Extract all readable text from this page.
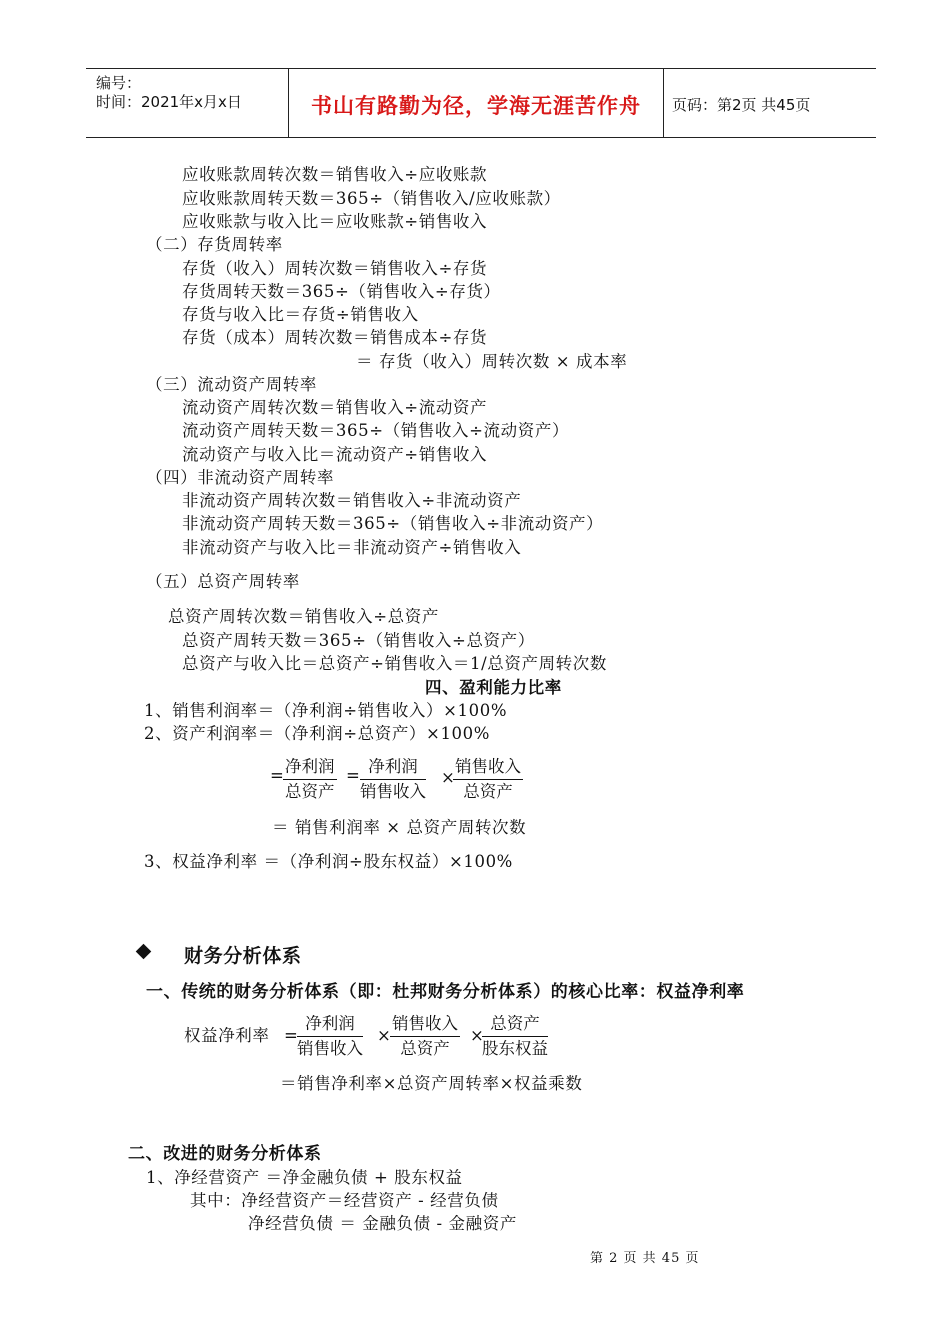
编号：
时间：2021年x月x日	书山有路勤为径，学海无涯苦作舟	页码：第2页 共45页
应收账款周转次数＝销售收入÷应收账款
应收账款周转天数＝365÷（销售收入/应收账款）
应收账款与收入比＝应收账款÷销售收入
（二）存货周转率
存货（收入）周转次数＝销售收入÷存货
存货周转天数＝365÷（销售收入÷存货）
存货与收入比＝存货÷销售收入
存货（成本）周转次数＝销售成本÷存货
＝ 存货（收入）周转次数 × 成本率
（三）流动资产周转率
流动资产周转次数＝销售收入÷流动资产
流动资产周转天数＝365÷（销售收入÷流动资产）
流动资产与收入比＝流动资产÷销售收入
（四）非流动资产周转率
非流动资产周转次数＝销售收入÷非流动资产
非流动资产周转天数＝365÷（销售收入÷非流动资产）
非流动资产与收入比＝非流动资产÷销售收入
（五）总资产周转率
总资产周转次数＝销售收入÷总资产
总资产周转天数＝365÷（销售收入÷总资产）
总资产与收入比＝总资产÷销售收入＝1/总资产周转次数
四、盈利能力比率
1、销售利润率＝（净利润÷销售收入）×100%
2、资产利润率＝（净利润÷总资产）×100%
= 净利润
总资产
= 净利润
销售收入
×
销售收入
总资产
＝ 销售利润率 × 总资产周转次数
3、权益净利率 ＝（净利润÷股东权益）×100%
财务分析体系
一、传统的财务分析体系（即：杜邦财务分析体系）的核心比率：权益净利率
权益净利率 =
净利润
销售收入
×
销售收入
总资产
×
总资产
股东权益
＝销售净利率×总资产周转率×权益乘数
二、改进的财务分析体系
1、净经营资产 ＝净金融负债 + 股东权益
其中：净经营资产＝经营资产 - 经营负债
净经营负债 ＝ 金融负债 - 金融资产
第 2 页 共 45 页
